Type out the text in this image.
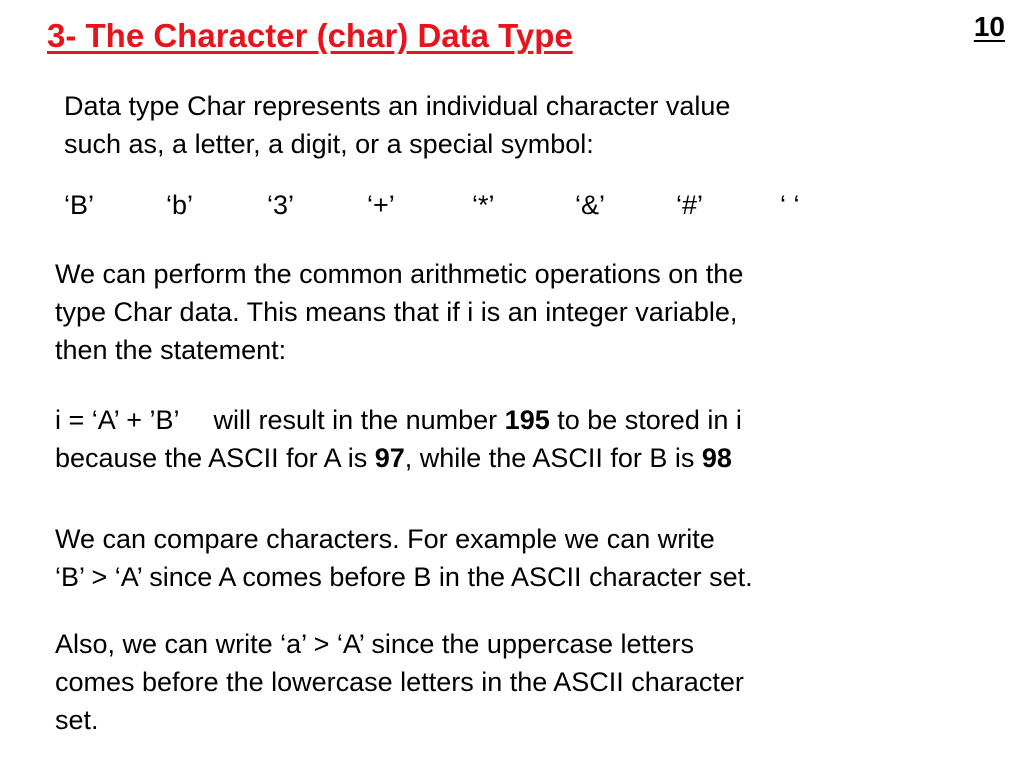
3- The Character (char) Data Type	10
Data type Char represents an individual character value
such as, a letter, a digit, or a special symbol:
‘B’	‘b’	‘3’	‘+’	‘*’	‘&’	‘#’	‘ ‘
We can perform the common arithmetic operations on the
type Char data. This means that if i is an integer variable,
then the statement:
i = ‘A’ + ’B’ will result in the number 195 to be stored in i
because the ASCII for A is 97, while the ASCII for B is 98
We can compare characters. For example we can write
‘B’ > ‘A’ since A comes before B in the ASCII character set.
Also, we can write ‘a’ > ‘A’ since the uppercase letters
comes before the lowercase letters in the ASCII character
set.
